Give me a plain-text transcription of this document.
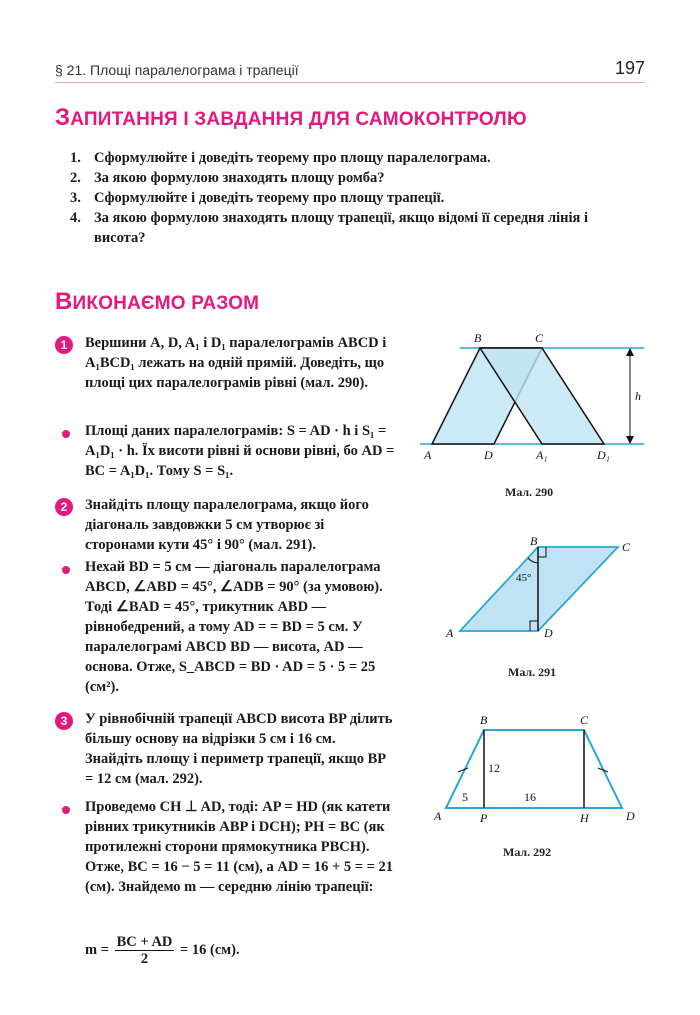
§ 21. Площі паралелограма і трапеції	197
ЗАПИТАННЯ І ЗАВДАННЯ ДЛЯ САМОКОНТРОЛЮ
1. Сформулюйте і доведіть теорему про площу паралелограма.
2. За якою формулою знаходять площу ромба?
3. Сформулюйте і доведіть теорему про площу трапеції.
4. За якою формулою знаходять площу трапеції, якщо відомі її середня лінія і висота?
ВИКОНАЄМО РАЗОМ
1	Вершини A, D, A₁ і D₁ паралелограмів ABCD і A₁BCD₁ лежать на одній прямій. Доведіть, що площі цих паралелограмів рівні (мал. 290).
Площі даних паралелограмів: S = AD · h і S₁ = A₁D₁ · h. Їх висоти рівні й основи рівні, бо AD = BC = A₁D₁. Тому S = S₁.
2	Знайдіть площу паралелограма, якщо його діагональ завдовжки 5 см утворює зі сторонами кути 45° і 90° (мал. 291).
Нехай BD = 5 см — діагональ паралелограма ABCD, ∠ABD = 45°, ∠ADB = 90° (за умовою). Тоді ∠BAD = 45°, трикутник ABD — рівнобедрений, а тому AD = = BD = 5 см. У паралелограмі ABCD BD — висота, AD — основа. Отже, S_ABCD = BD · AD = 5 · 5 = 25 (см²).
3	У рівнобічній трапеції ABCD висота BP ділить більшу основу на відрізки 5 см і 16 см. Знайдіть площу і периметр трапеції, якщо BP = 12 см (мал. 292).
Проведемо CH ⊥ AD, тоді: AP = HD (як катети рівних трикутників ABP і DCH); PH = BC (як протилежні сторони прямокутника PBCH). Отже, BC = 16 − 5 = 11 (см), а AD = 16 + 5 = = 21 (см). Знайдемо m — середню лінію трапеції:
$m = \frac{BC + AD}{2} = 16$ (см).
B	C
A	D	A₁	D₁
h
Мал. 290
B	C
A	D
45°
Мал. 291
B	C
A	D
P	H
12
5	16
Мал. 292
